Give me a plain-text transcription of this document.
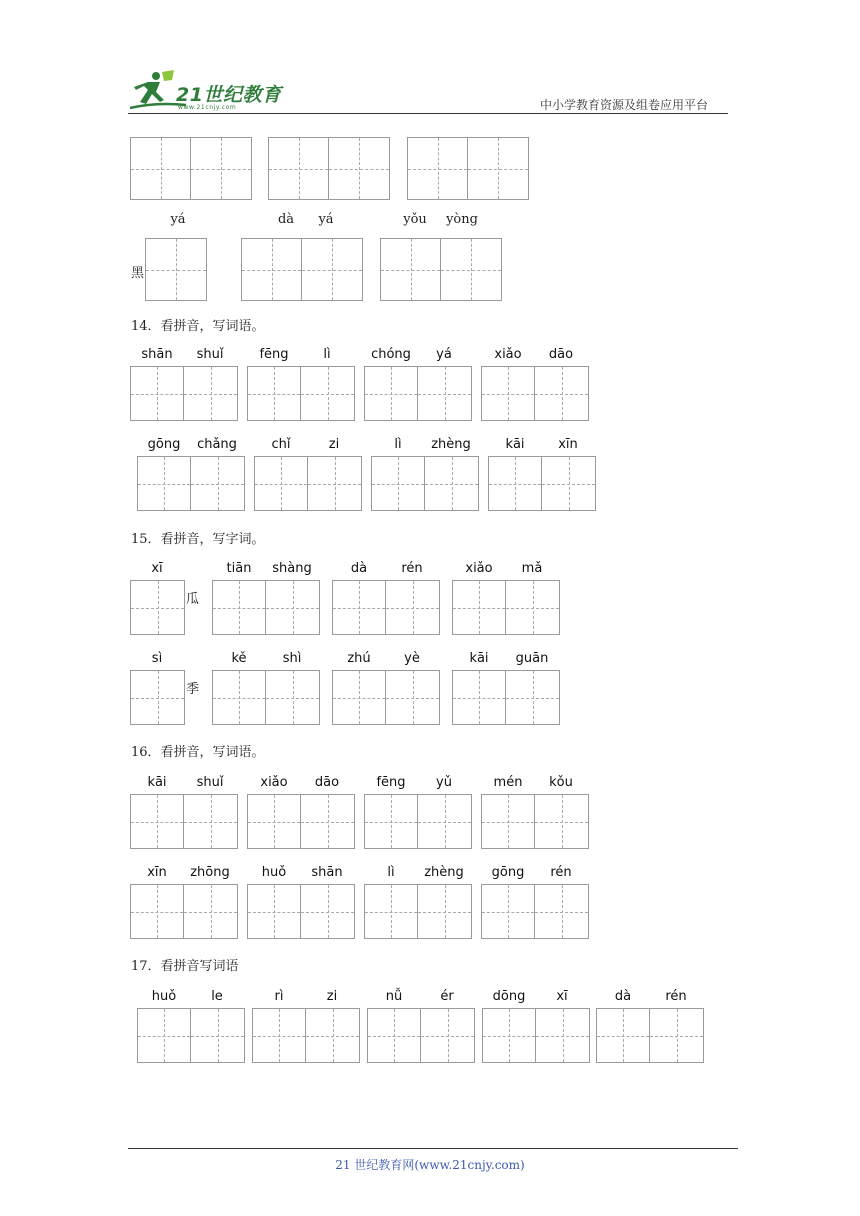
21世纪教育
www.21cnjy.com	中小学教育资源及组卷应用平台
yá	dà	yá	yǒu	yòng
黑
14．看拼音，写词语。
shān	shuǐ	fēng	lì	chóng	yá	xiǎo	dāo
gōng	chǎng	chǐ	zi	lì	zhèng	kāi	xīn
15．看拼音，写字词。
xī	tiān	shàng	dà	rén	xiǎo	mǎ
瓜
sì	kě	shì	zhú	yè	kāi	guān
季
16．看拼音，写词语。
kāi	shuǐ	xiǎo	dāo	fēng	yǔ	mén	kǒu
xīn	zhōng	huǒ	shān	lì	zhèng	gōng	rén
17．看拼音写词语
huǒ	le	rì	zi	nǚ	ér	dōng	xī	dà	rén
21 世纪教育网(www.21cnjy.com)
